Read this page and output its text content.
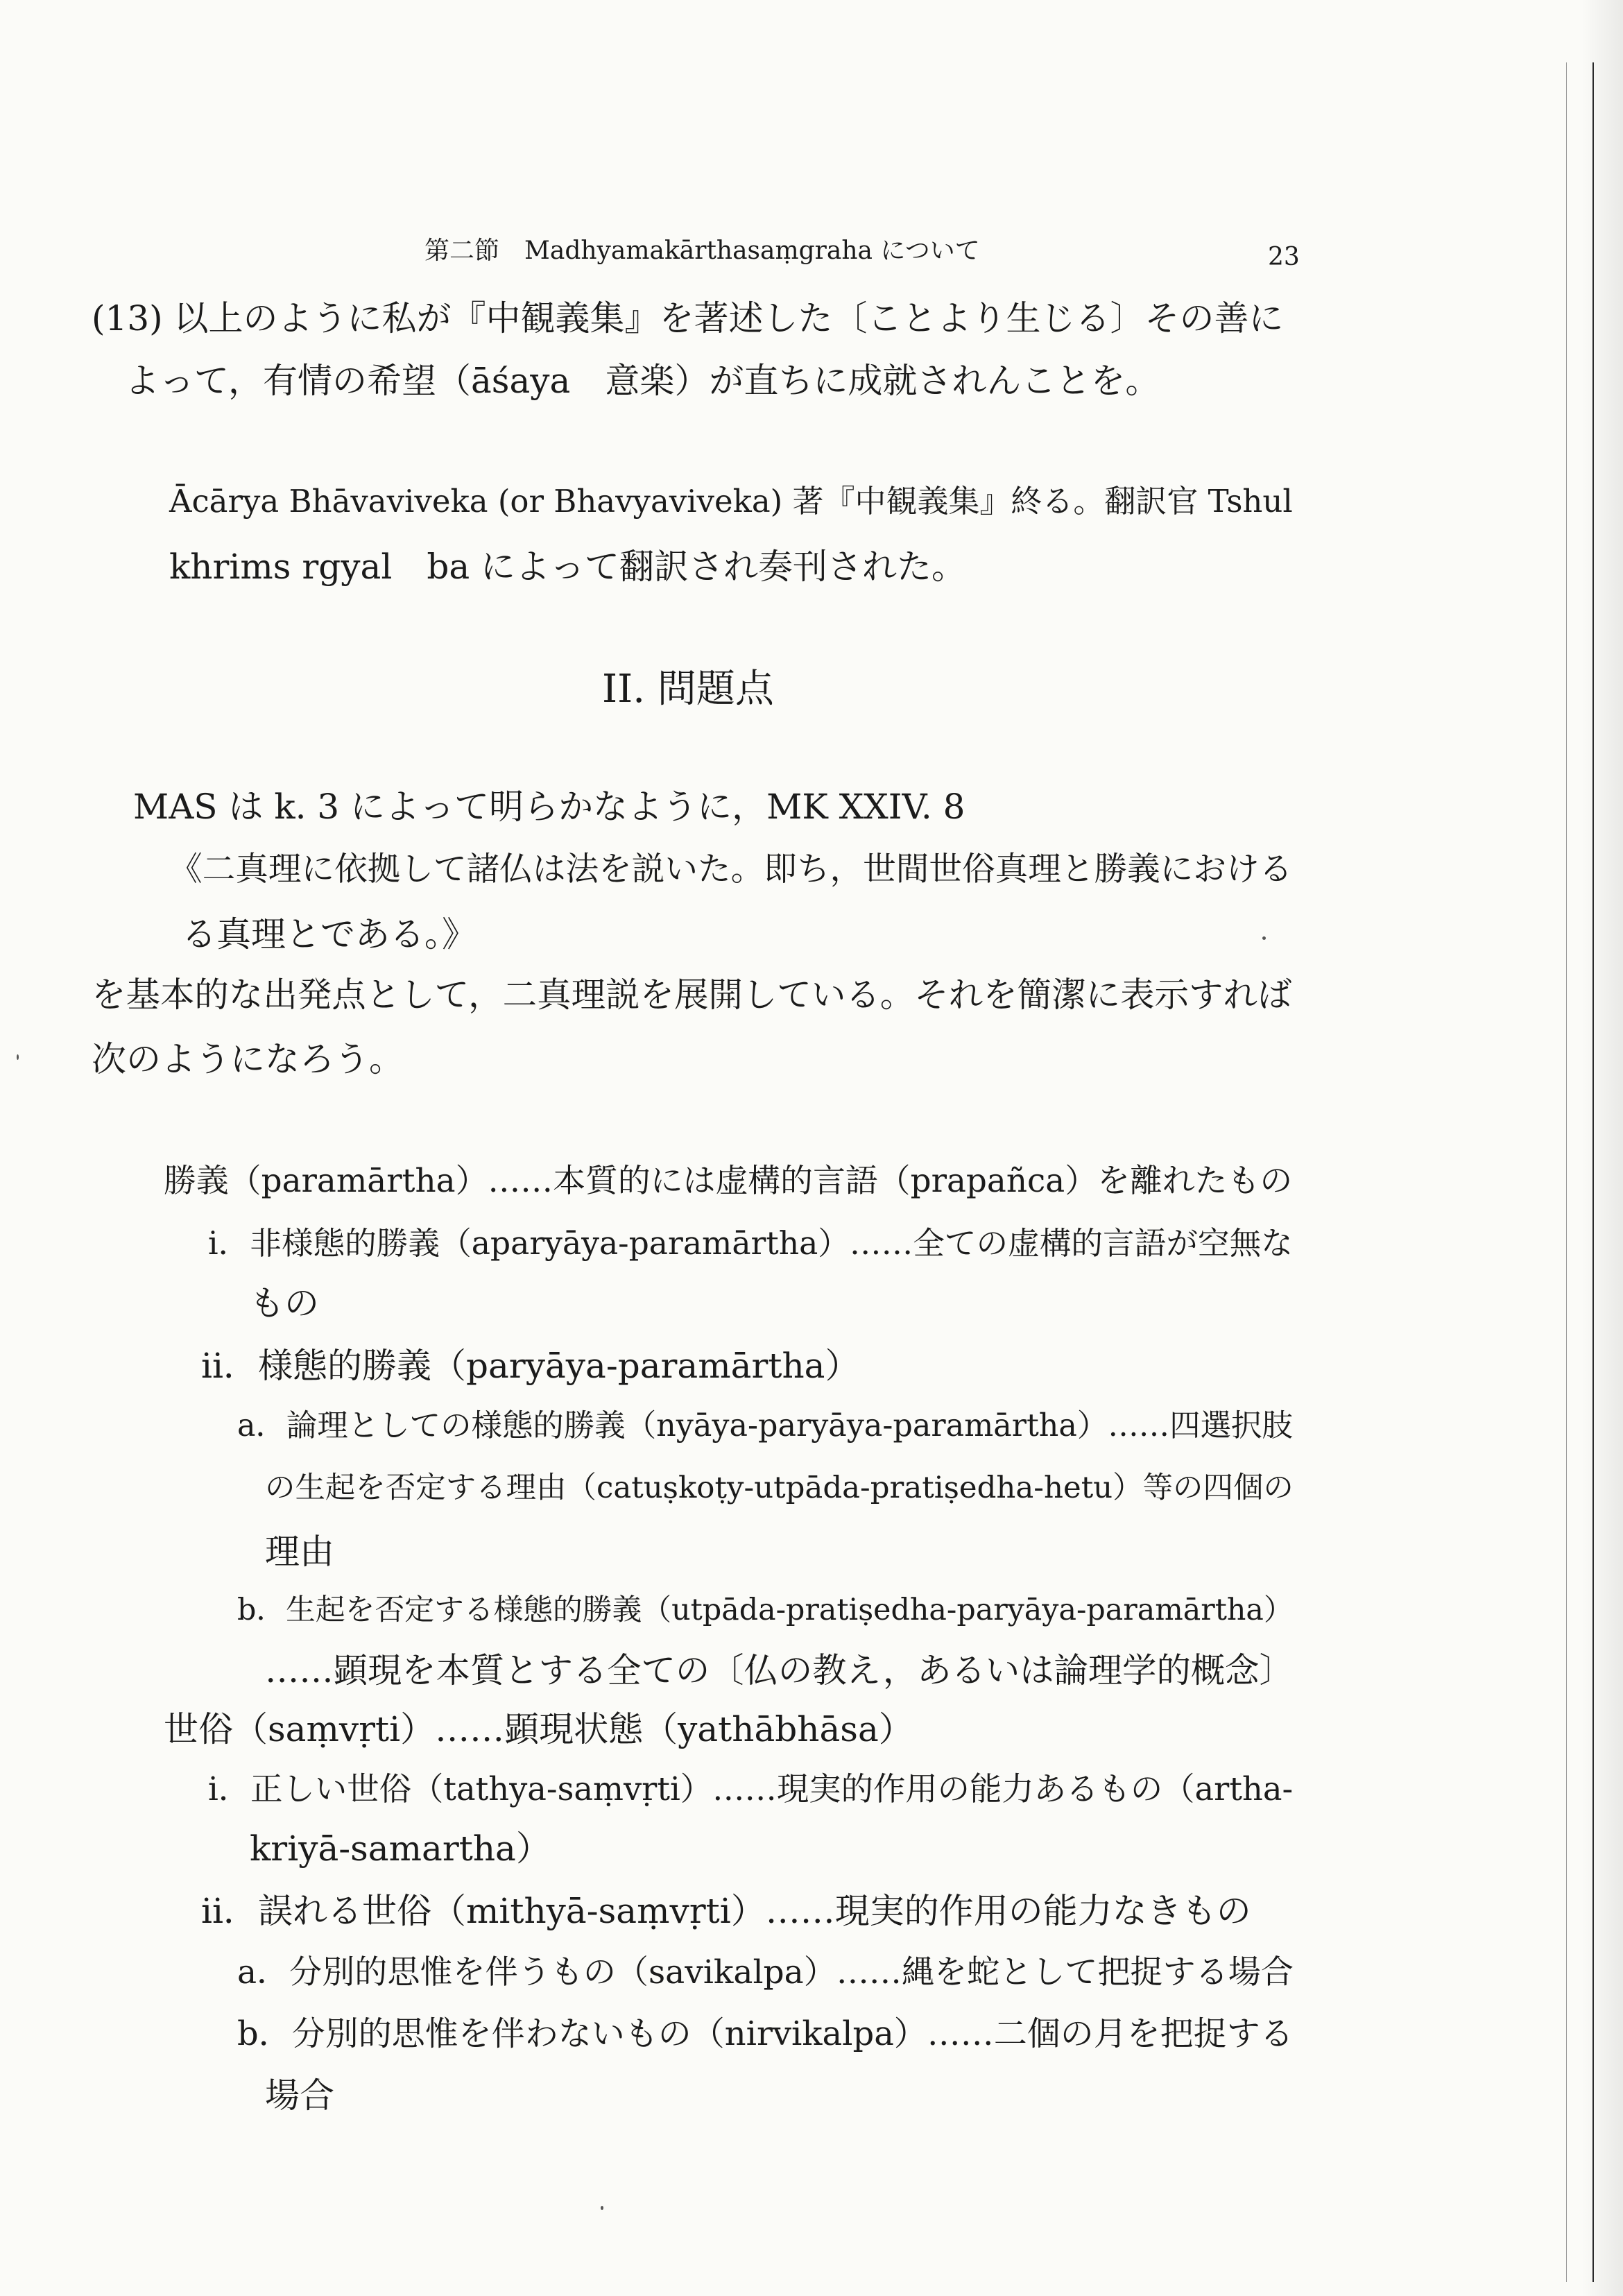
第二節　Madhyamakārthasaṃgraha について	23
(13) 以上のように私が『中観義集』を著述した〔ことより生じる〕その善に
よって，有情の希望（āśaya　意楽）が直ちに成就されんことを。
Ācārya Bhāvaviveka (or Bhavyaviveka) 著『中観義集』終る。翻訳官 Tshul
khrims rgyal　ba によって翻訳され奏刊された。
II. 問題点
MAS は k. 3 によって明らかなように，MK XXIV. 8
《二真理に依拠して諸仏は法を説いた。即ち，世間世俗真理と勝義における
る真理とである。》
を基本的な出発点として，二真理説を展開している。それを簡潔に表示すれば
次のようになろう。
勝義（paramārtha）……本質的には虚構的言語（prapañca）を離れたもの
i．非様態的勝義（aparyāya-paramārtha）……全ての虚構的言語が空無な
もの
ii．様態的勝義（paryāya-paramārtha）
a．論理としての様態的勝義（nyāya-paryāya-paramārtha）……四選択肢
の生起を否定する理由（catuṣkoṭy-utpāda-pratiṣedha-hetu）等の四個の
理由
b．生起を否定する様態的勝義（utpāda-pratiṣedha-paryāya-paramārtha）
……顕現を本質とする全ての〔仏の教え，あるいは論理学的概念〕
世俗（saṃvṛti）……顕現状態（yathābhāsa）
i．正しい世俗（tathya-saṃvṛti）……現実的作用の能力あるもの（artha-
kriyā-samartha）
ii．誤れる世俗（mithyā-saṃvṛti）……現実的作用の能力なきもの
a．分別的思惟を伴うもの（savikalpa）……縄を蛇として把捉する場合
b．分別的思惟を伴わないもの（nirvikalpa）……二個の月を把捉する
場合
